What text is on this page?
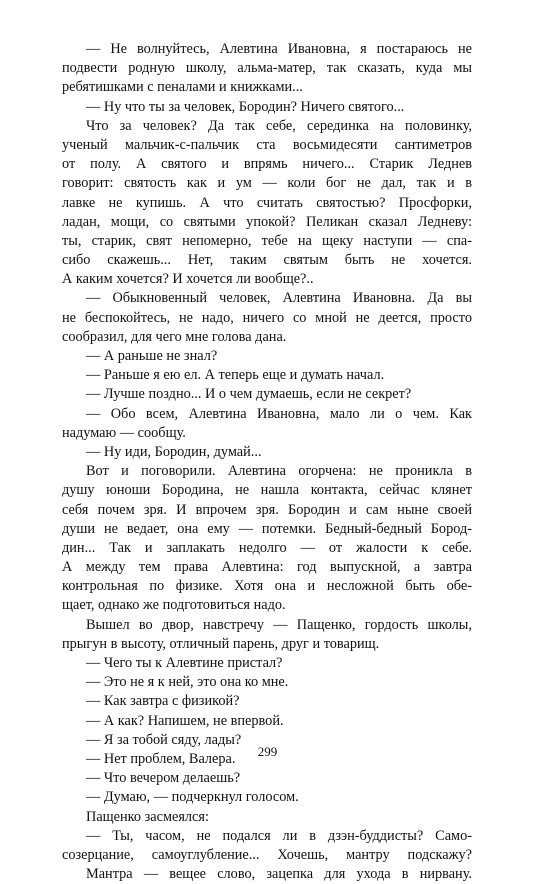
— Не волнуйтесь, Алевтина Ивановна, я постараюсь не
подвести родную школу, альма-матер, так сказать, куда мы
ребятишками с пеналами и книжками...
— Ну что ты за человек, Бородин? Ничего святого...
Что за человек? Да так себе, серединка на половинку,
ученый мальчик-с-пальчик ста восьмидесяти сантиметров
от полу. А святого и впрямь ничего... Старик Леднев
говорит: святость как и ум — коли бог не дал, так и в
лавке не купишь. А что считать святостью? Просфорки,
ладан, мощи, со святыми упокой? Пеликан сказал Ледневу:
ты, старик, свят непомерно, тебе на щеку наступи — спа-
сибо скажешь... Нет, таким святым быть не хочется.
А каким хочется? И хочется ли вообще?..
— Обыкновенный человек, Алевтина Ивановна. Да вы
не беспокойтесь, не надо, ничего со мной не деется, просто
сообразил, для чего мне голова дана.
— А раньше не знал?
— Раньше я ею ел. А теперь еще и думать начал.
— Лучше поздно... И о чем думаешь, если не секрет?
— Обо всем, Алевтина Ивановна, мало ли о чем. Как
надумаю — сообщу.
— Ну иди, Бородин, думай...
Вот и поговорили. Алевтина огорчена: не проникла в
душу юноши Бородина, не нашла контакта, сейчас клянет
себя почем зря. И впрочем зря. Бородин и сам ныне своей
души не ведает, она ему — потемки. Бедный-бедный Бород-
дин... Так и заплакать недолго — от жалости к себе.
А между тем права Алевтина: год выпускной, а завтра
контрольная по физике. Хотя она и несложной быть обе-
щает, однако же подготовиться надо.
Вышел во двор, навстречу — Пащенко, гордость школы,
прыгун в высоту, отличный парень, друг и товарищ.
— Чего ты к Алевтине пристал?
— Это не я к ней, это она ко мне.
— Как завтра с физикой?
— А как? Напишем, не впервой.
— Я за тобой сяду, лады?
— Нет проблем, Валера.
— Что вечером делаешь?
— Думаю, — подчеркнул голосом.
Пащенко засмеялся:
— Ты, часом, не подался ли в дзэн-буддисты? Само-
созерцание, самоуглубление... Хочешь, мантру подскажу?
Мантра — вещее слово, зацепка для ухода в нирвану.
299
